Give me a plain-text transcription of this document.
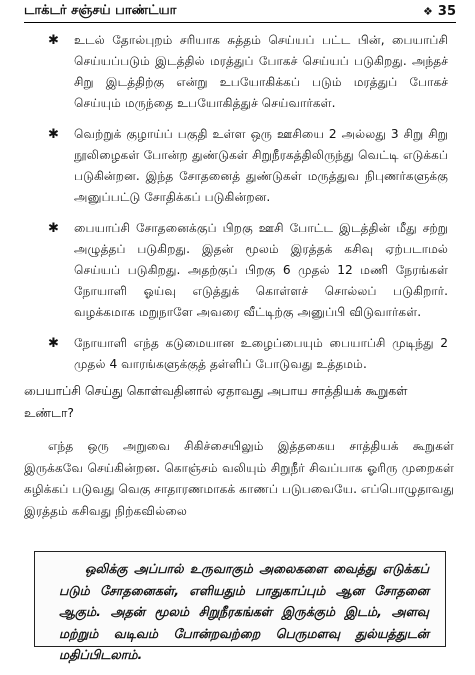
டாக்டர் சஞ்சய் பாண்ட்யா	❖ 35
✱ உடல் தோல்புறம் சரியாக சுத்தம் செய்யப் பட்ட பின், பையாப்சி செய்யப்படும் இடத்தில் மரத்துப் போகச் செய்யப் படுகிறது. அந்தச் சிறு இடத்திற்கு என்று உபயோகிக்கப் படும் மரத்துப் போகச் செய்யும் மருந்தை உபயோகித்துச் செய்வார்கள்.
✱ வெற்றுக் குழாய்ப் பகுதி உள்ள ஒரு ஊசியை 2 அல்லது 3 சிறு சிறு நூலிழைகள் போன்ற துண்டுகள் சிறுநீரகத்திலிருந்து வெட்டி எடுக்கப் படுகின்றன. இந்த சோதனைத் துண்டுகள் மருத்துவ நிபுணர்களுக்கு அனுப்பட்டு சோதிக்கப் படுகின்றன.
✱ பையாப்சி சோதனைக்குப் பிறகு ஊசி போட்ட இடத்தின் மீது சற்று அழுத்தப் படுகிறது. இதன் மூலம் இரத்தக் கசிவு ஏற்படாமல் செய்யப் படுகிறது. அதற்குப் பிறகு 6 முதல் 12 மணி நேரங்கள் நோயாளி ஓய்வு எடுத்துக் கொள்ளச் சொல்லப் படுகிறார். வழக்கமாக மறுநாளே அவரை வீட்டிற்கு அனுப்பி விடுவார்கள்.
✱ நோயாளி எந்த கடுமையான உழைப்பையும் பையாப்சி முடிந்து 2 முதல் 4 வாரங்களுக்குத் தள்ளிப் போடுவது உத்தமம்.
பையாப்சி செய்து கொள்வதினால் ஏதாவது அபாய சாத்தியக் கூறுகள் உண்டா?

எந்த ஒரு அறுவை சிகிச்சையிலும் இத்தகைய சாத்தியக் கூறுகள் இருக்கவே செய்கின்றன. கொஞ்சம் வலியும் சிறுநீர் சிவப்பாக ஓரிரு முறைகள் கழிக்கப் படுவது வெகு சாதாரணமாகக் காணப் படுபவையே. எப்பொழுதாவது இரத்தம் கசிவது நிற்கவில்லை

ஒலிக்கு அப்பால் உருவாகும் அலைகளை வைத்து எடுக்கப் படும் சோதனைகள், எளியதும் பாதுகாப்பும் ஆன சோதனை ஆகும். அதன் மூலம் சிறுநீரகங்கள் இருக்கும் இடம், அளவு மற்றும் வடிவம் போன்றவற்றை பெருமளவு துல்யத்துடன் மதிப்பிடலாம்.
